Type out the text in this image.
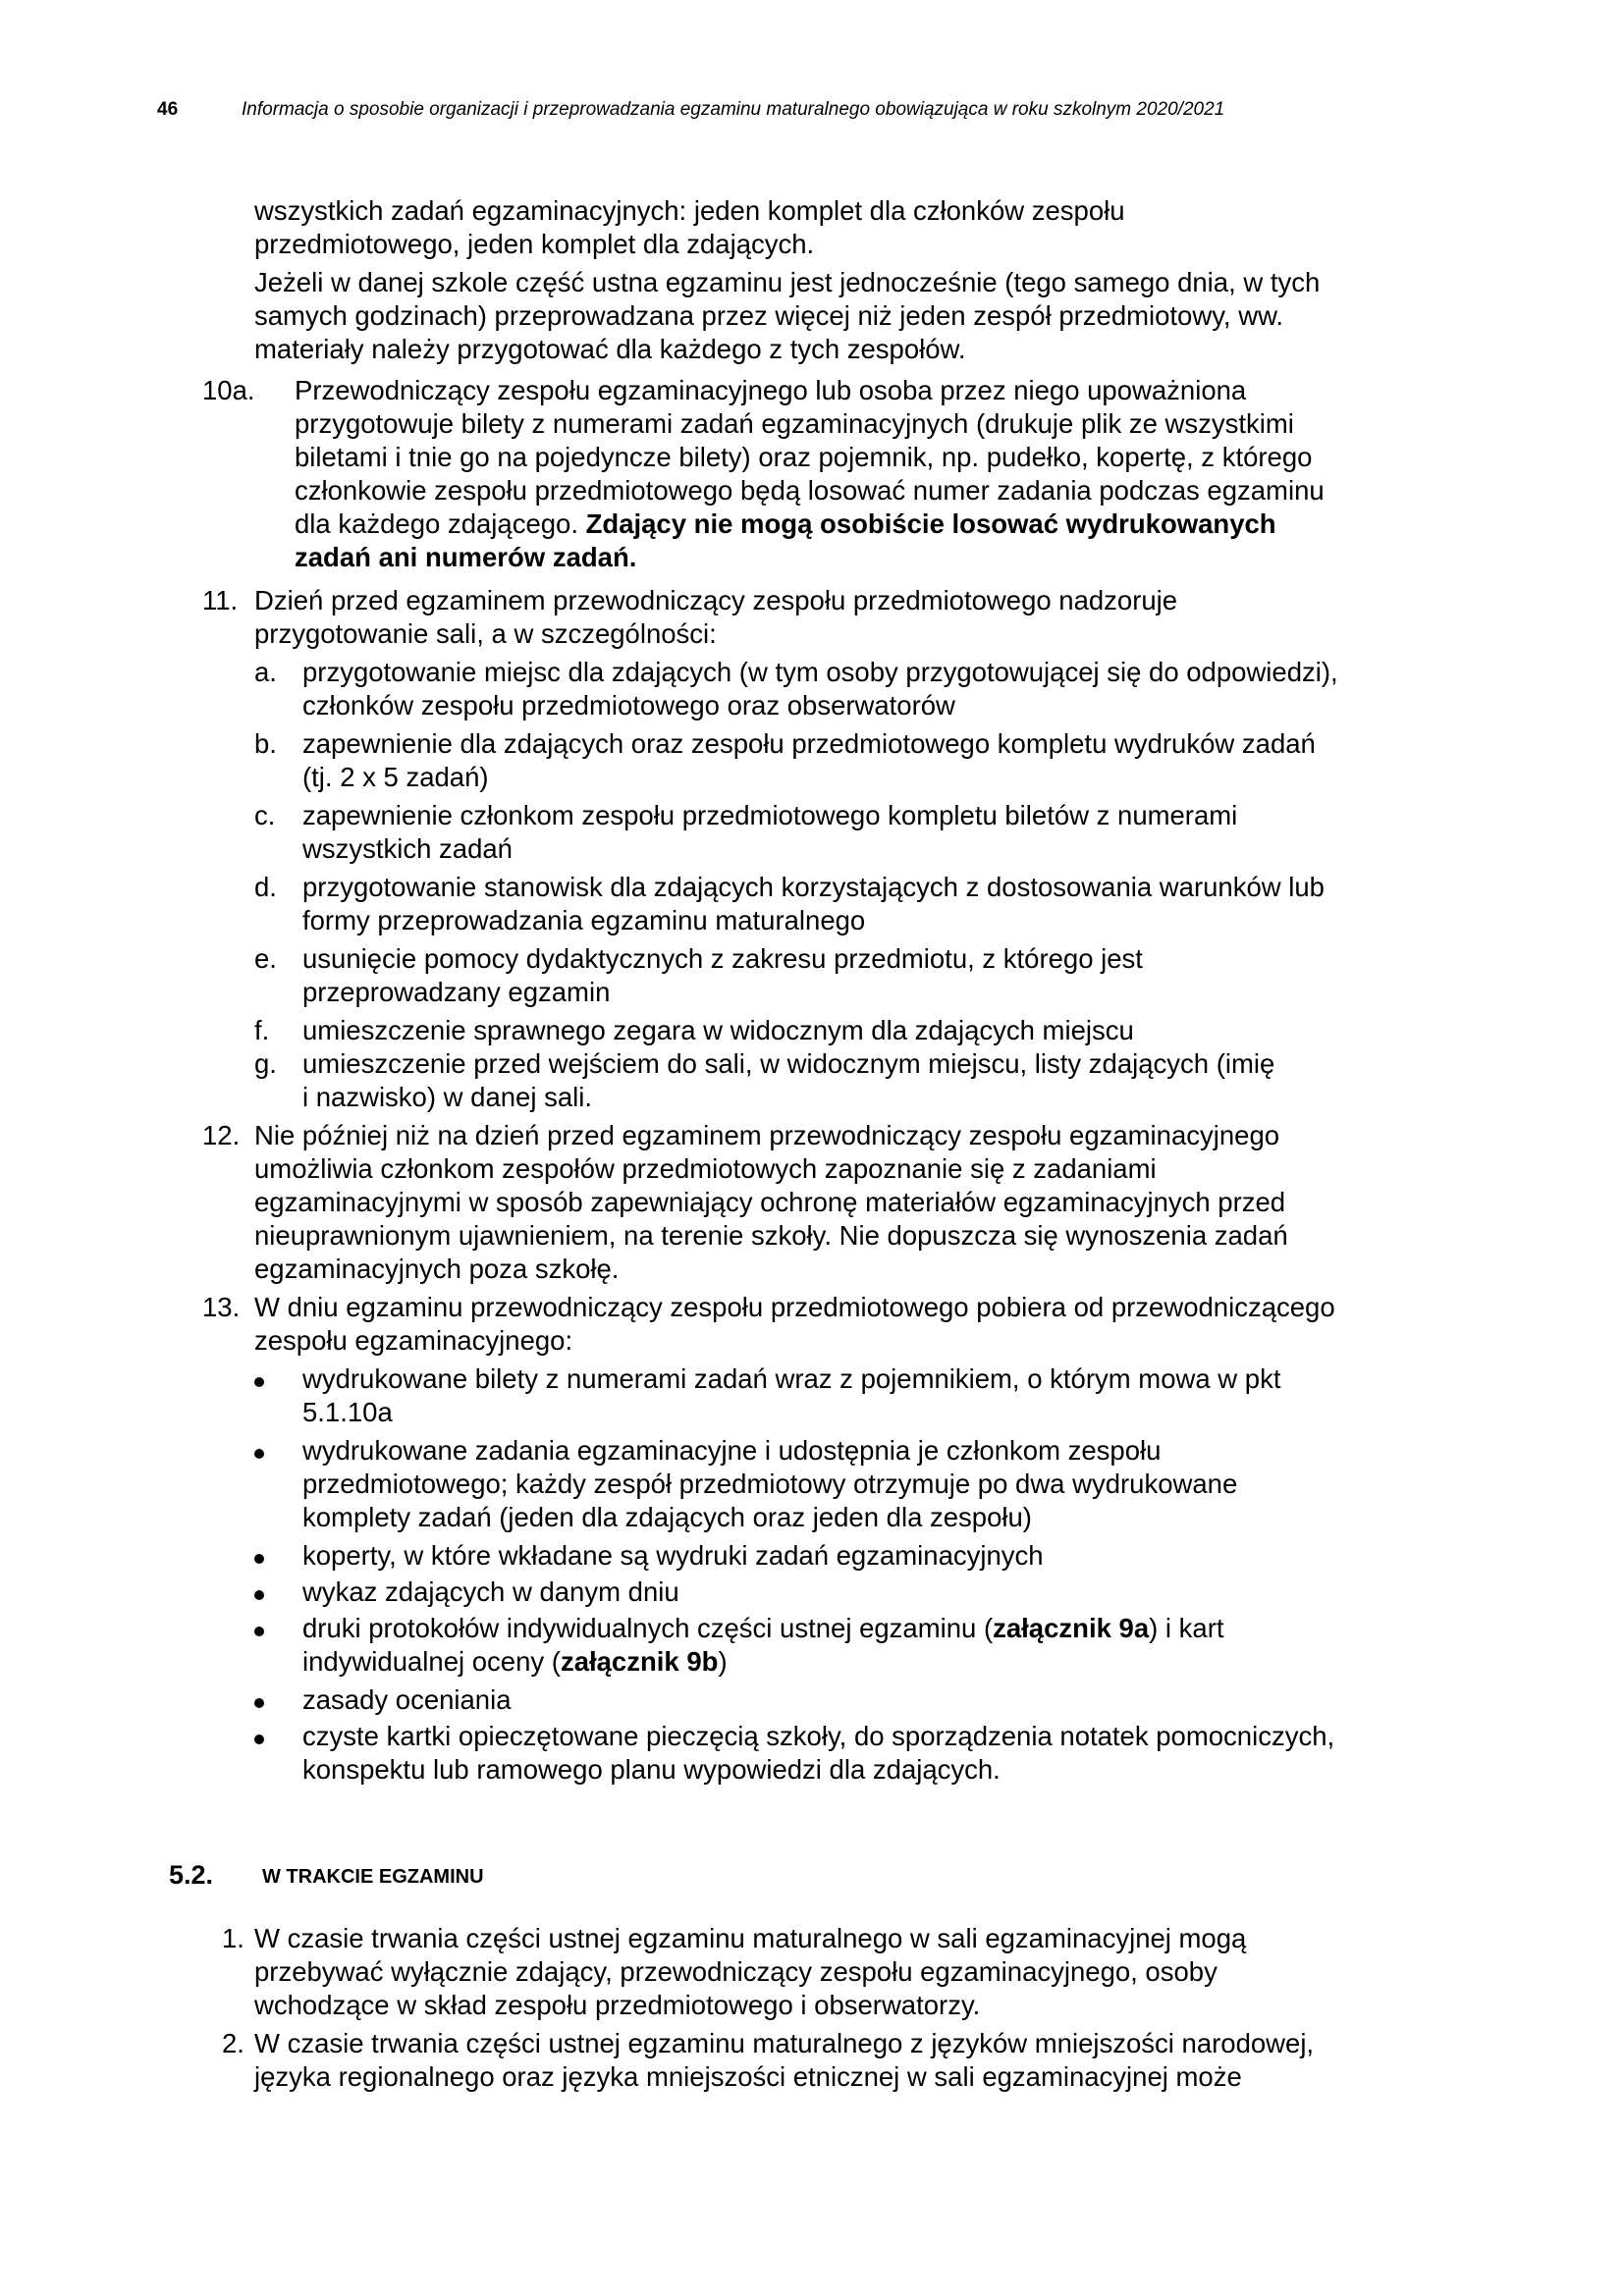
46	Informacja o sposobie organizacji i przeprowadzania egzaminu maturalnego obowiązująca w roku szkolnym 2020/2021
wszystkich zadań egzaminacyjnych: jeden komplet dla członków zespołu
przedmiotowego, jeden komplet dla zdających.
Jeżeli w danej szkole część ustna egzaminu jest jednocześnie (tego samego dnia, w tych
samych godzinach) przeprowadzana przez więcej niż jeden zespół przedmiotowy, ww.
materiały należy przygotować dla każdego z tych zespołów.
10a. Przewodniczący zespołu egzaminacyjnego lub osoba przez niego upoważniona
przygotowuje bilety z numerami zadań egzaminacyjnych (drukuje plik ze wszystkimi
biletami i tnie go na pojedyncze bilety) oraz pojemnik, np. pudełko, kopertę, z którego
członkowie zespołu przedmiotowego będą losować numer zadania podczas egzaminu
dla każdego zdającego. Zdający nie mogą osobiście losować wydrukowanych
zadań ani numerów zadań.
11. Dzień przed egzaminem przewodniczący zespołu przedmiotowego nadzoruje
przygotowanie sali, a w szczególności:
a. przygotowanie miejsc dla zdających (w tym osoby przygotowującej się do odpowiedzi),
członków zespołu przedmiotowego oraz obserwatorów
b. zapewnienie dla zdających oraz zespołu przedmiotowego kompletu wydruków zadań
(tj. 2 x 5 zadań)
c. zapewnienie członkom zespołu przedmiotowego kompletu biletów z numerami
wszystkich zadań
d. przygotowanie stanowisk dla zdających korzystających z dostosowania warunków lub
formy przeprowadzania egzaminu maturalnego
e. usunięcie pomocy dydaktycznych z zakresu przedmiotu, z którego jest
przeprowadzany egzamin
f. umieszczenie sprawnego zegara w widocznym dla zdających miejscu
g. umieszczenie przed wejściem do sali, w widocznym miejscu, listy zdających (imię
i nazwisko) w danej sali.
12. Nie później niż na dzień przed egzaminem przewodniczący zespołu egzaminacyjnego
umożliwia członkom zespołów przedmiotowych zapoznanie się z zadaniami
egzaminacyjnymi w sposób zapewniający ochronę materiałów egzaminacyjnych przed
nieuprawnionym ujawnieniem, na terenie szkoły. Nie dopuszcza się wynoszenia zadań
egzaminacyjnych poza szkołę.
13. W dniu egzaminu przewodniczący zespołu przedmiotowego pobiera od przewodniczącego
zespołu egzaminacyjnego:
wydrukowane bilety z numerami zadań wraz z pojemnikiem, o którym mowa w pkt
5.1.10a
wydrukowane zadania egzaminacyjne i udostępnia je członkom zespołu
przedmiotowego; każdy zespół przedmiotowy otrzymuje po dwa wydrukowane
komplety zadań (jeden dla zdających oraz jeden dla zespołu)
koperty, w które wkładane są wydruki zadań egzaminacyjnych
wykaz zdających w danym dniu
druki protokołów indywidualnych części ustnej egzaminu (załącznik 9a) i kart
indywidualnej oceny (załącznik 9b)
zasady oceniania
czyste kartki opieczętowane pieczęcią szkoły, do sporządzenia notatek pomocniczych,
konspektu lub ramowego planu wypowiedzi dla zdających.
5.2. W TRAKCIE EGZAMINU
1. W czasie trwania części ustnej egzaminu maturalnego w sali egzaminacyjnej mogą
przebywać wyłącznie zdający, przewodniczący zespołu egzaminacyjnego, osoby
wchodzące w skład zespołu przedmiotowego i obserwatorzy.
2. W czasie trwania części ustnej egzaminu maturalnego z języków mniejszości narodowej,
języka regionalnego oraz języka mniejszości etnicznej w sali egzaminacyjnej może
